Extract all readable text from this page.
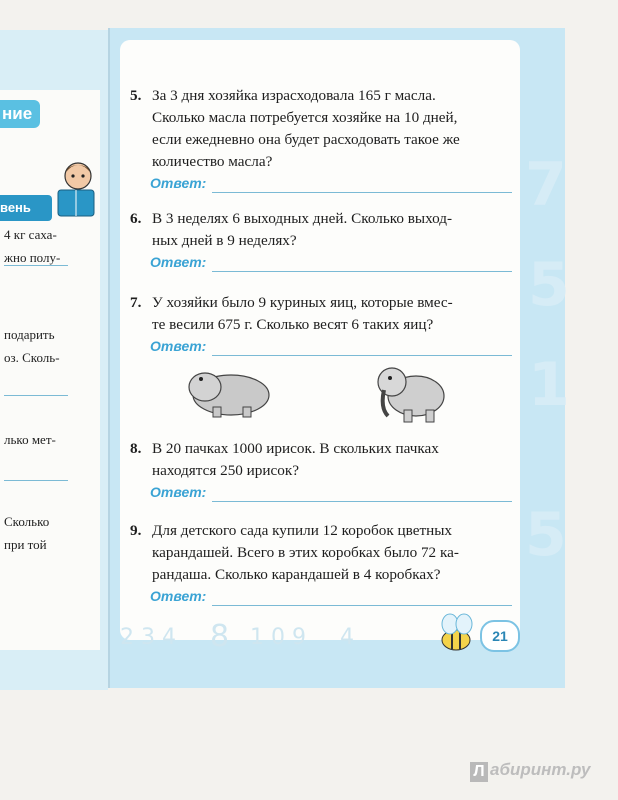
ние
вень
4 кг саха-
жно полу-
подарить
оз. Сколь-
лько мет-
Сколько
при той
7
5
1
5
5. За 3 дня хозяйка израсходовала 165 г масла.
Сколько масла потребуется хозяйке на 10 дней,
если ежедневно она будет расходовать такое же
количество масла?
Ответ:
6. В 3 неделях 6 выходных дней. Сколько выход-
ных дней в 9 неделях?
Ответ:
7. У хозяйки было 9 куриных яиц, которые вмес-
те весили 675 г. Сколько весят 6 таких яиц?
Ответ:
8. В 20 пачках 1000 ирисок. В скольких пачках
находятся 250 ирисок?
Ответ:
9. Для детского сада купили 12 коробок цветных
карандашей. Всего в этих коробках было 72 ка-
рандаша. Сколько карандашей в 4 коробках?
Ответ:
2 3 4 8 1 0 9 4	21
Л абиринт.ру
